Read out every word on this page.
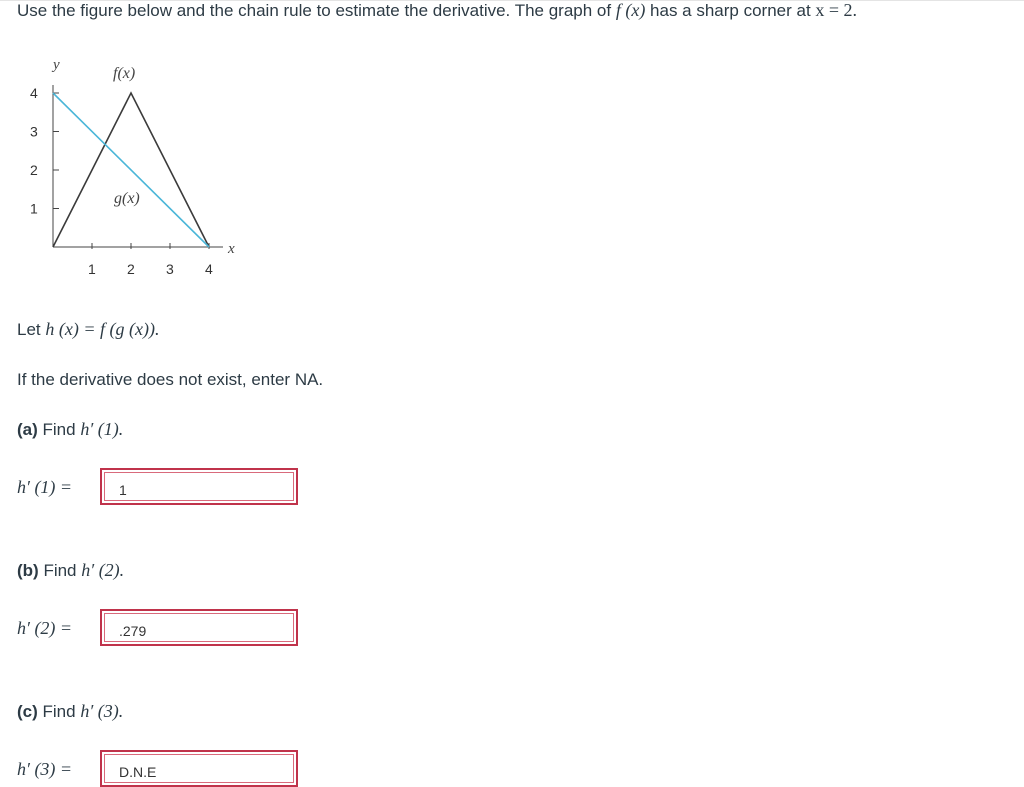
Use the figure below and the chain rule to estimate the derivative. The graph of f (x) has a sharp corner at x = 2.
1 2 3 4
1
2
3
4
y
x
f(x)
g(x)
Let h (x) = f (g (x)).
If the derivative does not exist, enter NA.
(a) Find h′ (1).
h′ (1) =	1
(b) Find h′ (2).
h′ (2) =	.279
(c) Find h′ (3).
h′ (3) =	D.N.E
